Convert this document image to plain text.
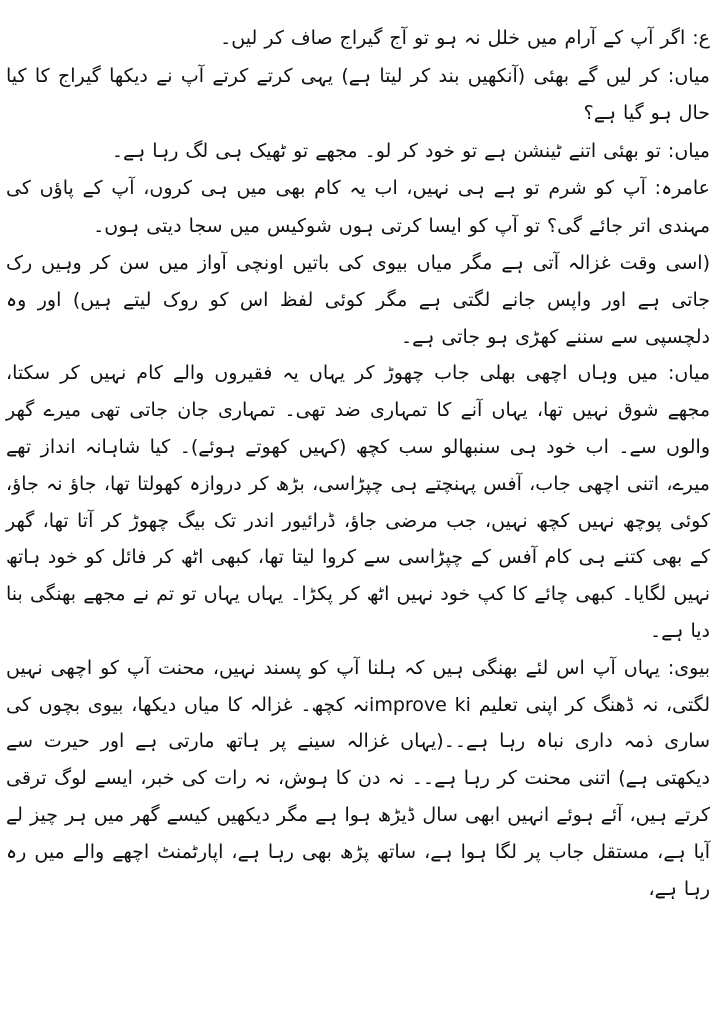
ع: اگر آپ کے آرام میں خلل نہ ہو تو آج گیراج صاف کر لیں۔

میاں: کر لیں گے بھئی (آنکھیں بند کر لیتا ہے) یہی کرتے کرتے آپ نے دیکھا گیراج کا کیا حال ہو گیا ہے؟

میاں: تو بھئی اتنے ٹینشن ہے تو خود کر لو۔ مجھے تو ٹھیک ہی لگ رہا ہے۔

عامرہ: آپ کو شرم تو ہے ہی نہیں، اب یہ کام بھی میں ہی کروں، آپ کے پاؤں کی مہندی اتر جائے گی؟ تو آپ کو ایسا کرتی ہوں شوکیس میں سجا دیتی ہوں۔

(اسی وقت غزالہ آتی ہے مگر میاں بیوی کی باتیں اونچی آواز میں سن کر وہیں رک جاتی ہے اور واپس جانے لگتی ہے مگر کوئی لفظ اس کو روک لیتے ہیں) اور وہ دلچسپی سے سننے کھڑی ہو جاتی ہے۔

میاں: میں وہاں اچھی بھلی جاب چھوڑ کر یہاں یہ فقیروں والے کام نہیں کر سکتا، مجھے شوق نہیں تھا، یہاں آنے کا تمہاری ضد تھی۔ تمہاری جان جاتی تھی میرے گھر والوں سے۔ اب خود ہی سنبھالو سب کچھ (کہیں کھوتے ہوئے)۔ کیا شاہانہ انداز تھے میرے، اتنی اچھی جاب، آفس پہنچتے ہی چپڑاسی، بڑھ کر دروازہ کھولتا تھا، جاؤ نہ جاؤ، کوئی پوچھ نہیں کچھ نہیں، جب مرضی جاؤ، ڈرائیور اندر تک بیگ چھوڑ کر آتا تھا، گھر کے بھی کتنے ہی کام آفس کے چپڑاسی سے کروا لیتا تھا، کبھی اٹھ کر فائل کو خود ہاتھ نہیں لگایا۔ کبھی چائے کا کپ خود نہیں اٹھ کر پکڑا۔ یہاں یہاں تو تم نے مجھے بھنگی بنا دیا ہے۔

بیوی: یہاں آپ اس لئے بھنگی ہیں کہ ہلنا آپ کو پسند نہیں، محنت آپ کو اچھی نہیں لگتی، نہ ڈھنگ کر اپنی تعلیم improve kiنہ کچھ۔ غزالہ کا میاں دیکھا، بیوی بچوں کی ساری ذمہ داری نباہ رہا ہے۔۔(یہاں غزالہ سینے پر ہاتھ مارتی ہے اور حیرت سے دیکھتی ہے) اتنی محنت کر رہا ہے۔۔ نہ دن کا ہوش، نہ رات کی خبر، ایسے لوگ ترقی کرتے ہیں، آئے ہوئے انہیں ابھی سال ڈیڑھ ہوا ہے مگر دیکھیں کیسے گھر میں ہر چیز لے آیا ہے، مستقل جاب پر لگا ہوا ہے، ساتھ پڑھ بھی رہا ہے، اپارٹمنٹ اچھے والے میں رہ رہا ہے،
